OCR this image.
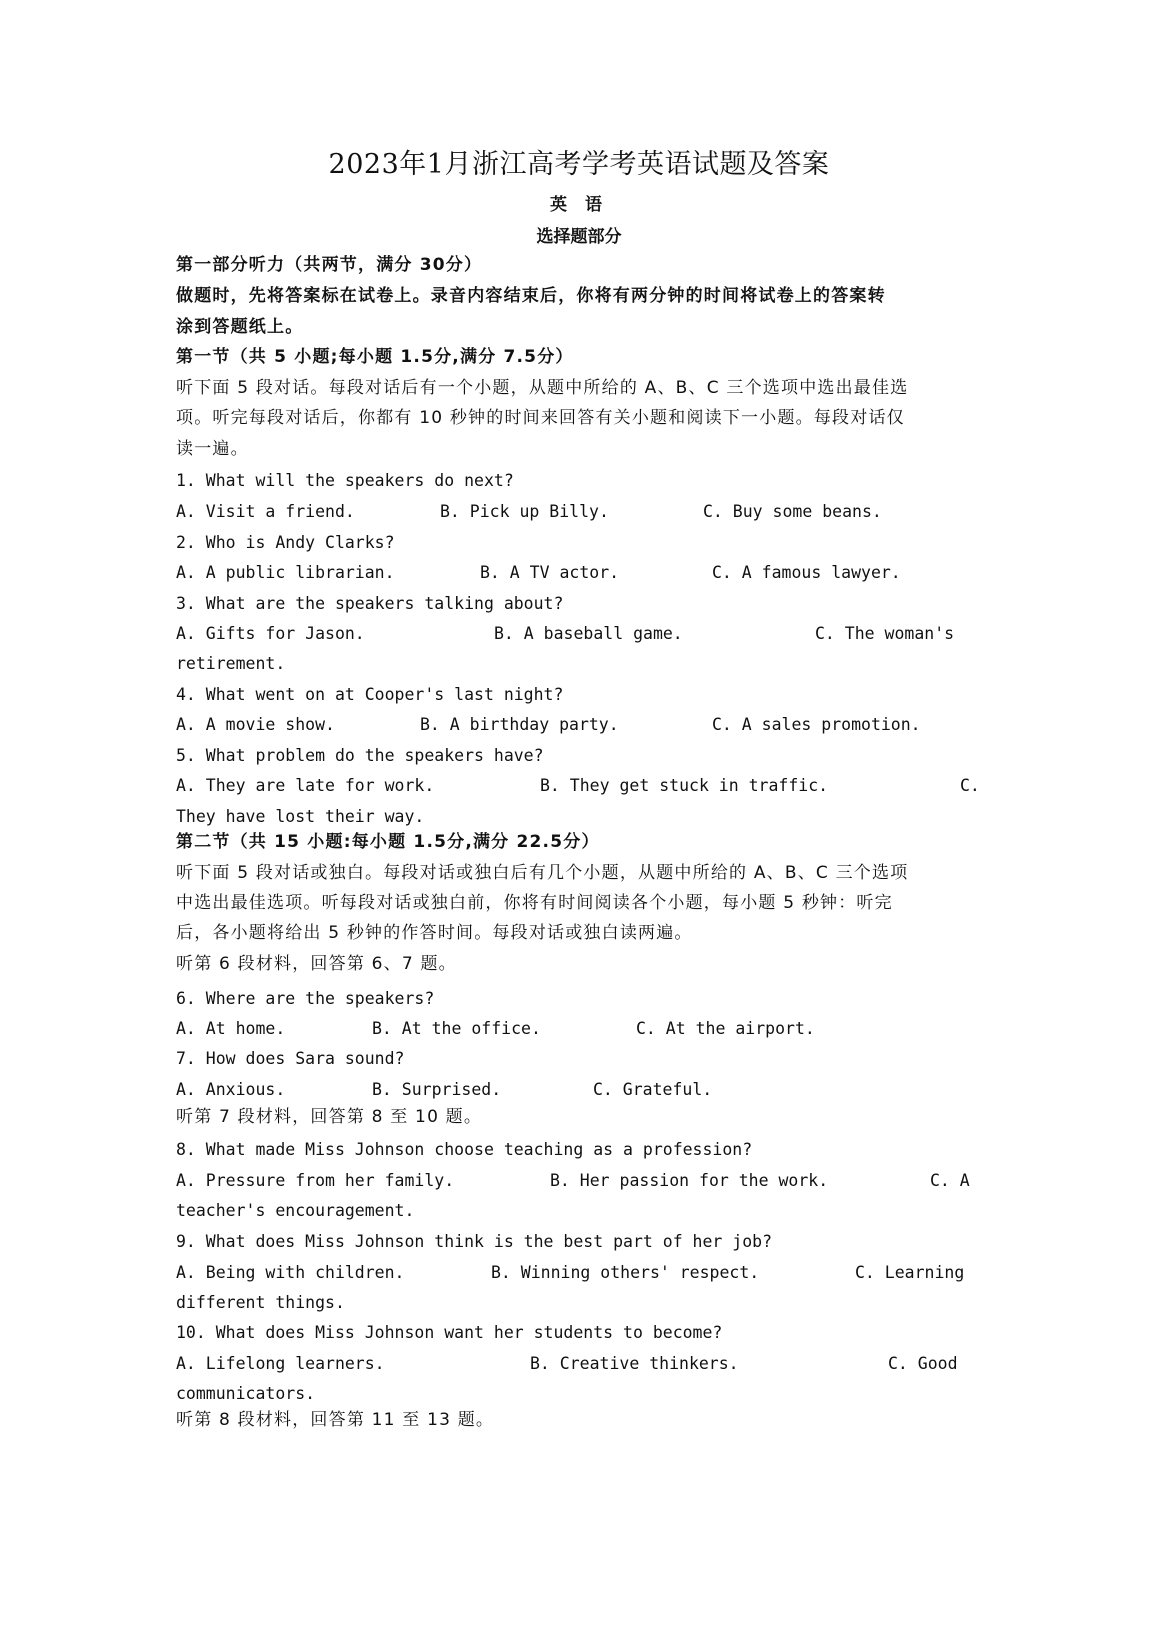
2023年1月浙江高考学考英语试题及答案
英 语
选择题部分
第一部分听力（共两节，满分 30分）
做题时，先将答案标在试卷上。录音内容结束后，你将有两分钟的时间将试卷上的答案转
涂到答题纸上。
第一节（共 5 小题;每小题 1.5分,满分 7.5分）
听下面 5 段对话。每段对话后有一个小题，从题中所给的 A、B、C 三个选项中选出最佳选
项。听完每段对话后，你都有 10 秒钟的时间来回答有关小题和阅读下一小题。每段对话仅
读一遍。
1. What will the speakers do next?
A. Visit a friend.	B. Pick up Billy.	C. Buy some beans.
2. Who is Andy Clarks?
A. A public librarian.	B. A TV actor.	C. A famous lawyer.
3. What are the speakers talking about?
A. Gifts for Jason.	B. A baseball game.	C. The woman's
retirement.
4. What went on at Cooper's last night?
A. A movie show.	B. A birthday party.	C. A sales promotion.
5. What problem do the speakers have?
A. They are late for work.	B. They get stuck in traffic.	C.
They have lost their way.
第二节（共 15 小题:每小题 1.5分,满分 22.5分）
听下面 5 段对话或独白。每段对话或独白后有几个小题，从题中所给的 A、B、C 三个选项
中选出最佳选项。听每段对话或独白前，你将有时间阅读各个小题，每小题 5 秒钟：听完
后，各小题将给出 5 秒钟的作答时间。每段对话或独白读两遍。
听第 6 段材料，回答第 6、7 题。
6. Where are the speakers?
A. At home.	B. At the office.	C. At the airport.
7. How does Sara sound?
A. Anxious.	B. Surprised.	C. Grateful.
听第 7 段材料，回答第 8 至 10 题。
8. What made Miss Johnson choose teaching as a profession?
A. Pressure from her family.	B. Her passion for the work.	C. A
teacher's encouragement.
9. What does Miss Johnson think is the best part of her job?
A. Being with children.	B. Winning others' respect.	C. Learning
different things.
10. What does Miss Johnson want her students to become?
A. Lifelong learners.	B. Creative thinkers.	C. Good
communicators.
听第 8 段材料，回答第 11 至 13 题。
